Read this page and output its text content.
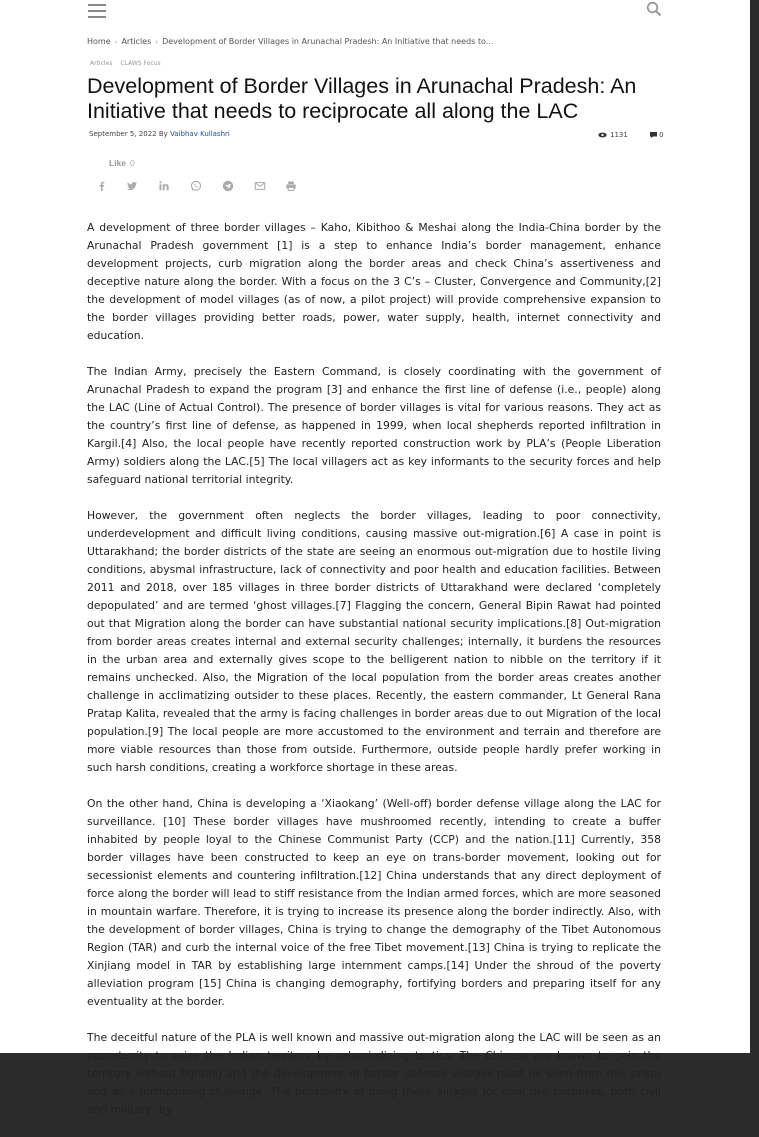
Home › Articles › Development of Border Villages in Arunachal Pradesh: An Initiative that needs to...
Articles CLAWS Focus
Development of Border Villages in Arunachal Pradesh: An Initiative that needs to reciprocate all along the LAC
September 5, 2022 By Vaibhav Kullashri	1131	0
Like 0

A development of three border villages – Kaho, Kibithoo & Meshai along the India-China border by the Arunachal Pradesh government [1] is a step to enhance India’s border management, enhance development projects, curb migration along the border areas and check China’s assertiveness and deceptive nature along the border. With a focus on the 3 C’s – Cluster, Convergence and Community,[2] the development of model villages (as of now, a pilot project) will provide comprehensive expansion to the border villages providing better roads, power, water supply, health, internet connectivity and education.

The Indian Army, precisely the Eastern Command, is closely coordinating with the government of Arunachal Pradesh to expand the program [3] and enhance the first line of defense (i.e., people) along the LAC (Line of Actual Control). The presence of border villages is vital for various reasons. They act as the country’s first line of defense, as happened in 1999, when local shepherds reported infiltration in Kargil.[4] Also, the local people have recently reported construction work by PLA’s (People Liberation Army) soldiers along the LAC.[5] The local villagers act as key informants to the security forces and help safeguard national territorial integrity.

However, the government often neglects the border villages, leading to poor connectivity, underdevelopment and difficult living conditions, causing massive out-migration.[6] A case in point is Uttarakhand; the border districts of the state are seeing an enormous out-migration due to hostile living conditions, abysmal infrastructure, lack of connectivity and poor health and education facilities. Between 2011 and 2018, over 185 villages in three border districts of Uttarakhand were declared ‘completely depopulated’ and are termed ‘ghost villages.[7] Flagging the concern, General Bipin Rawat had pointed out that Migration along the border can have substantial national security implications.[8] Out-migration from border areas creates internal and external security challenges; internally, it burdens the resources in the urban area and externally gives scope to the belligerent nation to nibble on the territory if it remains unchecked. Also, the Migration of the local population from the border areas creates another challenge in acclimatizing outsider to these places. Recently, the eastern commander, Lt General Rana Pratap Kalita, revealed that the army is facing challenges in border areas due to out Migration of the local population.[9] The local people are more accustomed to the environment and terrain and therefore are more viable resources than those from outside. Furthermore, outside people hardly prefer working in such harsh conditions, creating a workforce shortage in these areas.

On the other hand, China is developing a ‘Xiaokang’ (Well-off) border defense village along the LAC for surveillance. [10] These border villages have mushroomed recently, intending to create a buffer inhabited by people loyal to the Chinese Communist Party (CCP) and the nation.[11] Currently, 358 border villages have been constructed to keep an eye on trans-border movement, looking out for secessionist elements and countering infiltration.[12] China understands that any direct deployment of force along the border will lead to stiff resistance from the Indian armed forces, which are more seasoned in mountain warfare. Therefore, it is trying to increase its presence along the border indirectly. Also, with the development of border villages, China is trying to change the demography of the Tibet Autonomous Region (TAR) and curb the internal voice of the free Tibet movement.[13] China is trying to replicate the Xinjiang model in TAR by establishing large internment camps.[14] Under the shroud of the poverty alleviation program [15] China is changing demography, fortifying borders and preparing itself for any eventuality at the border.

The deceitful nature of the PLA is well known and massive out-migration along the LAC will be seen as an opportunity to seize the Indian territory by salami-slicing tactics. The Chinese are known to gain the territory without fighting and the development of border defense villages must be seen from this prism and as a forthcoming challenge. The possibility of using these villages for dual use purposes, both civil and military, by
